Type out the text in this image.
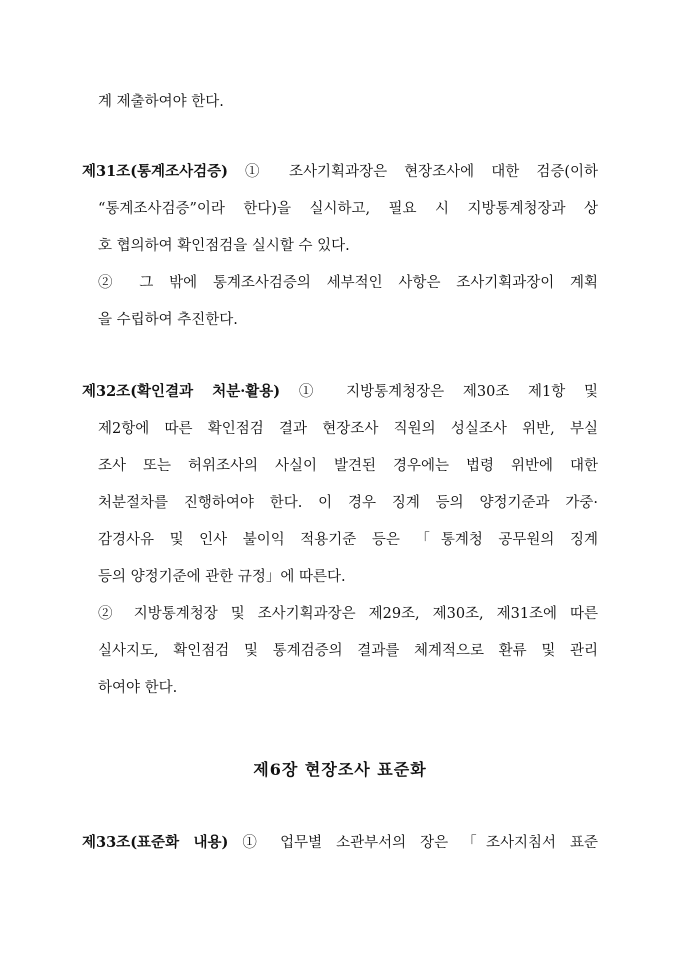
계 제출하여야 한다.
제31조(통계조사검증) ① 조사기획과장은 현장조사에 대한 검증(이하
“통계조사검증”이라 한다)을 실시하고, 필요 시 지방통계청장과 상
호 협의하여 확인점검을 실시할 수 있다.
② 그 밖에 통계조사검증의 세부적인 사항은 조사기획과장이 계획
을 수립하여 추진한다.
제32조(확인결과 처분·활용) ① 지방통계청장은 제30조 제1항 및
제2항에 따른 확인점검 결과 현장조사 직원의 성실조사 위반, 부실
조사 또는 허위조사의 사실이 발견된 경우에는 법령 위반에 대한
처분절차를 진행하여야 한다. 이 경우 징계 등의 양정기준과 가중·
감경사유 및 인사 불이익 적용기준 등은 「통계청 공무원의 징계
등의 양정기준에 관한 규정」에 따른다.
② 지방통계청장 및 조사기획과장은 제29조, 제30조, 제31조에 따른
실사지도, 확인점검 및 통계검증의 결과를 체계적으로 환류 및 관리
하여야 한다.
제6장 현장조사 표준화
제33조(표준화 내용) ① 업무별 소관부서의 장은 「조사지침서 표준
